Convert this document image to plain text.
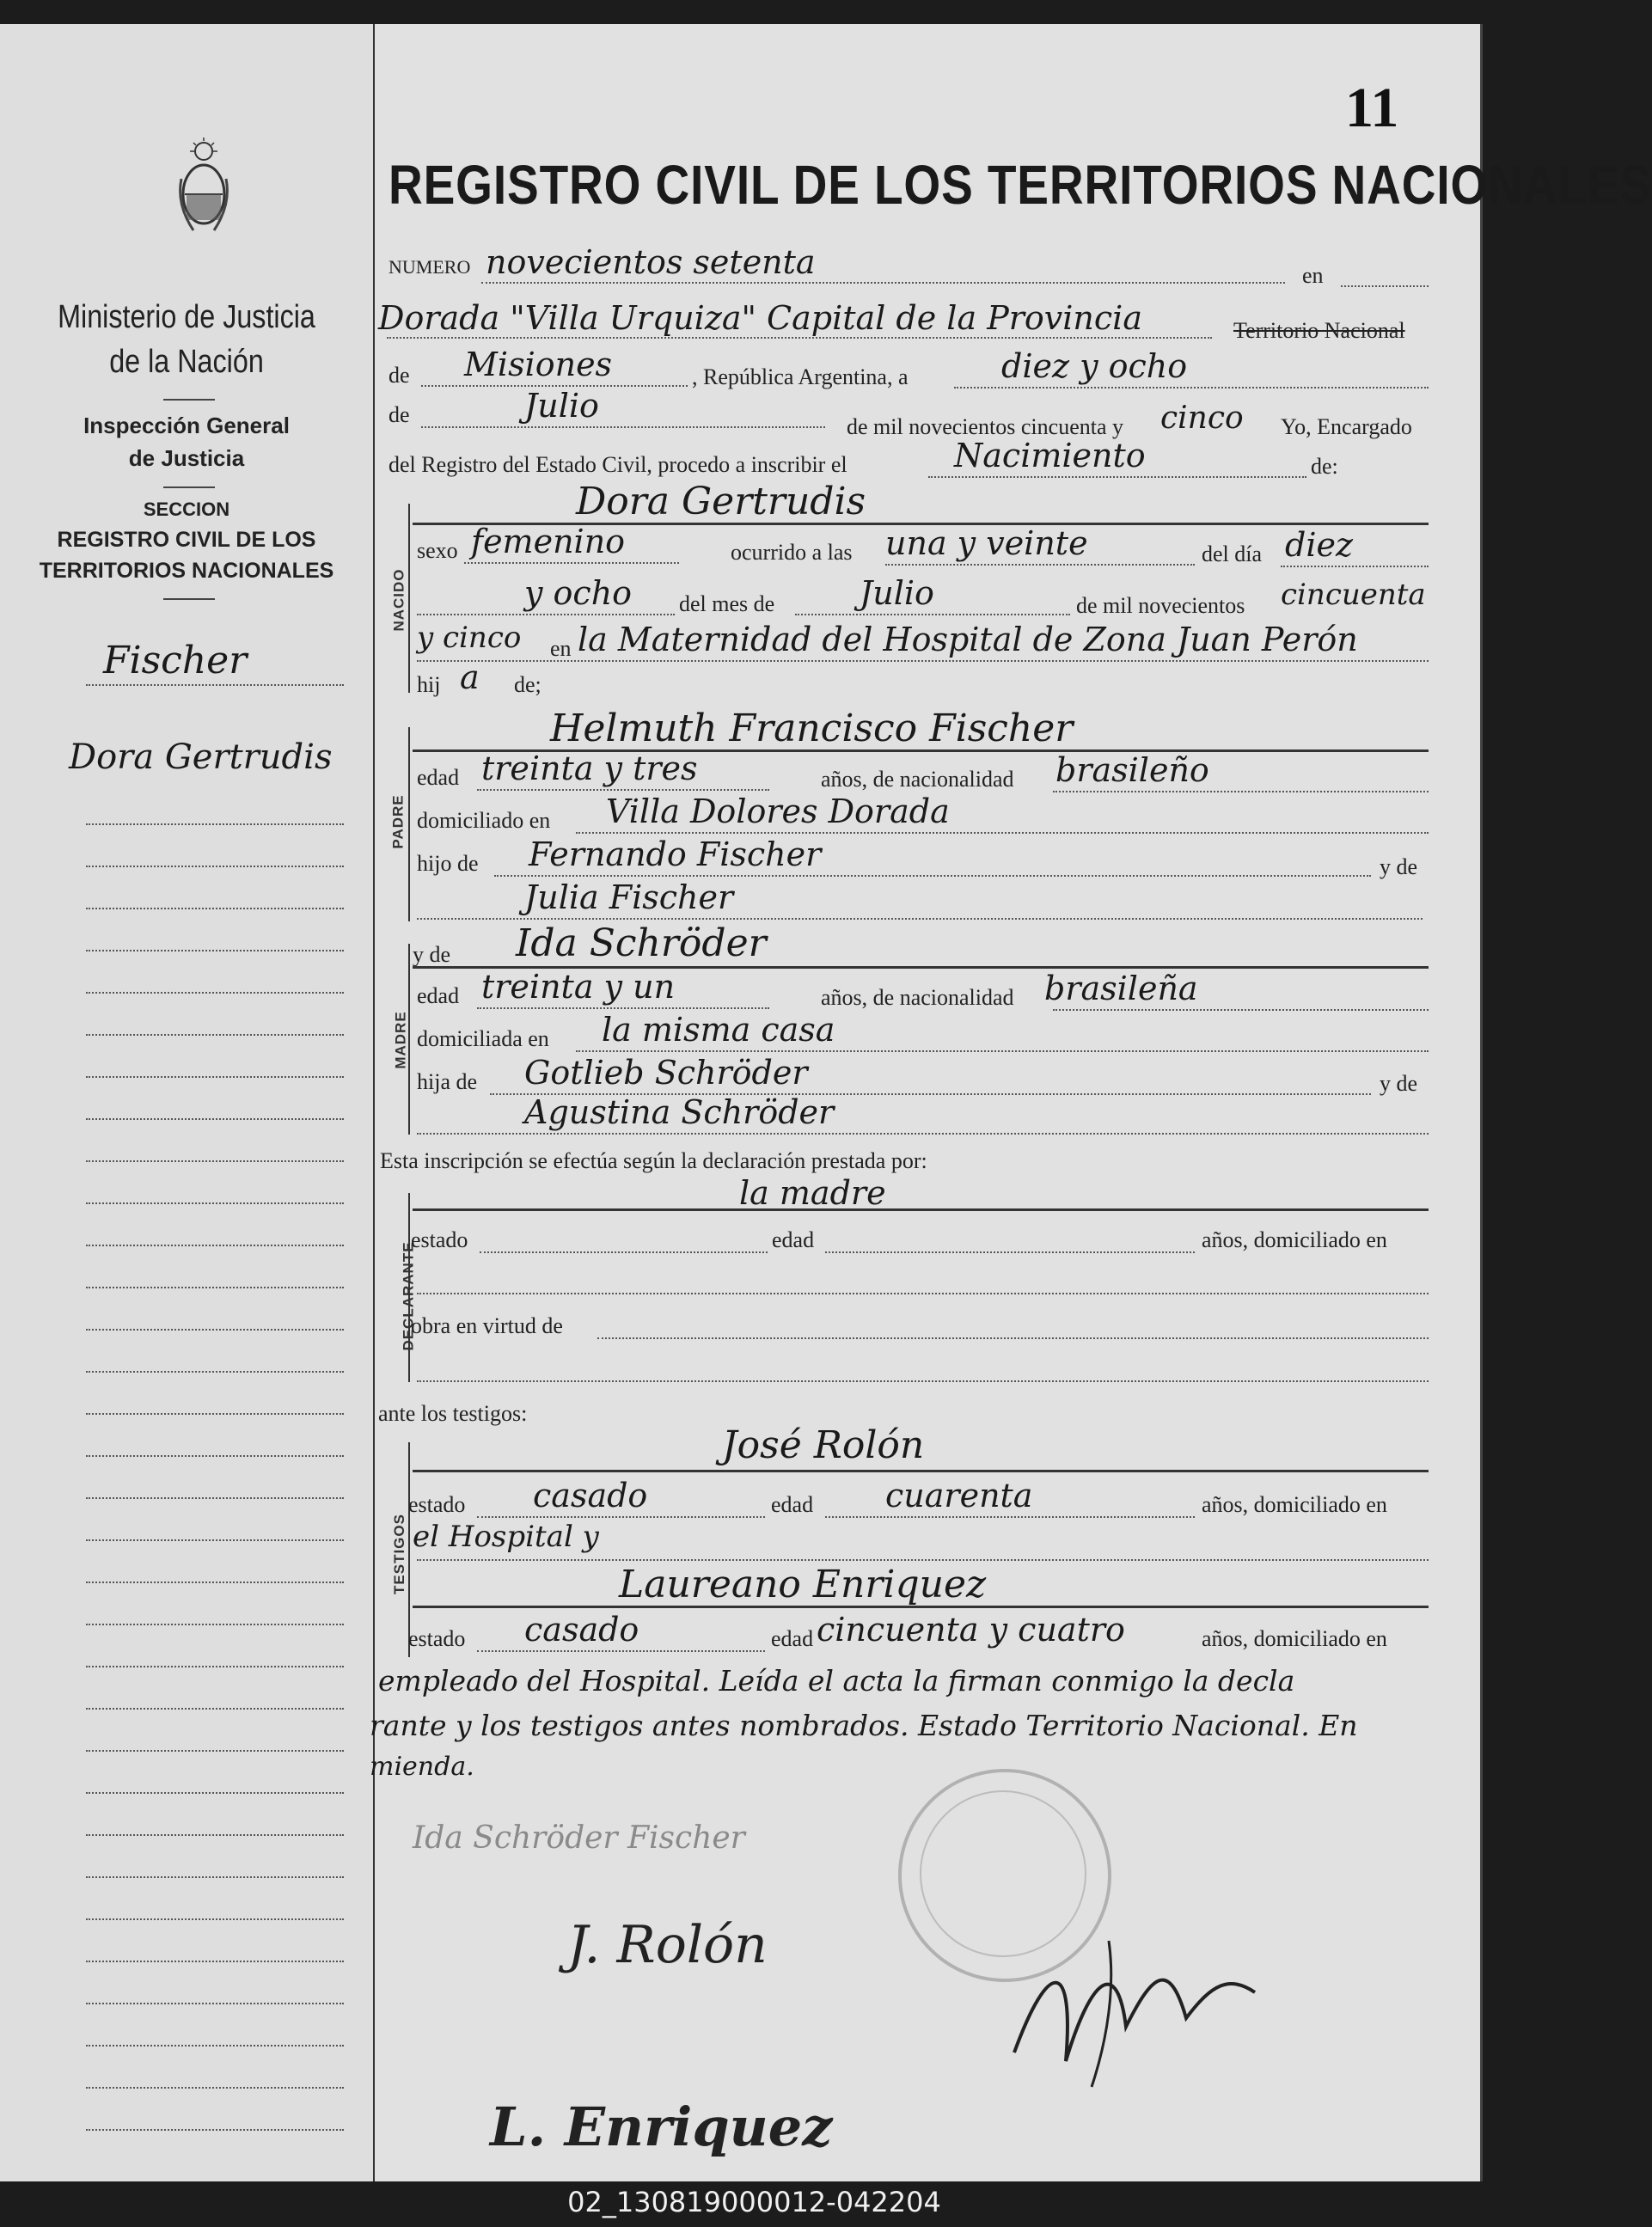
Ministerio de Justicia
de la Nación
Inspección General
de Justicia
SECCION
REGISTRO CIVIL DE LOS
TERRITORIOS NACIONALES
Fischer
Dora Gertrudis
11
REGISTRO CIVIL DE LOS TERRITORIOS NACIONALES
NUMERO novecientos setenta	en
Dorada "Villa Urquiza" Capital de la Provincia	Territorio Nacional
de Misiones	, República Argentina, a	diez y ocho
de	Julio
de mil novecientos cincuenta y cinco Yo, Encargado
del Registro del Estado Civil, procedo a inscribir el	Nacimiento	de:
NACIDO
Dora Gertrudis
sexo femenino	ocurrido a las una y veinte	del día diez
y ocho del mes de	Julio	de mil novecientos cincuenta
y cinco en la Maternidad del Hospital de Zona Juan Perón
hij a de;
PADRE
Helmuth Francisco Fischer
edad treinta y tres	años, de nacionalidad brasileño
domiciliado en Villa Dolores Dorada
hijo de Fernando Fischer	y de
Julia Fischer
MADRE
y de Ida Schröder
edad treinta y un	años, de nacionalidad brasileña
domiciliada en la misma casa
hija de Gotlieb Schröder	y de
Agustina Schröder
Esta inscripción se efectúa según la declaración prestada por:
DECLARANTE
la madre
estado	edad	años, domiciliado en
obra en virtud de
ante los testigos:
TESTIGOS
José Rolón
estado casado	edad cuarenta	años, domiciliado en
el Hospital y
Laureano Enriquez
estado casado	edad cincuenta y cuatro	años, domiciliado en
empleado del Hospital. Leída el acta la firman conmigo la decla
rante y los testigos antes nombrados. Estado Territorio Nacional. En
mienda.
Ida Schröder Fischer
J. Rolón
L. Enriquez
02_130819000012-042204
